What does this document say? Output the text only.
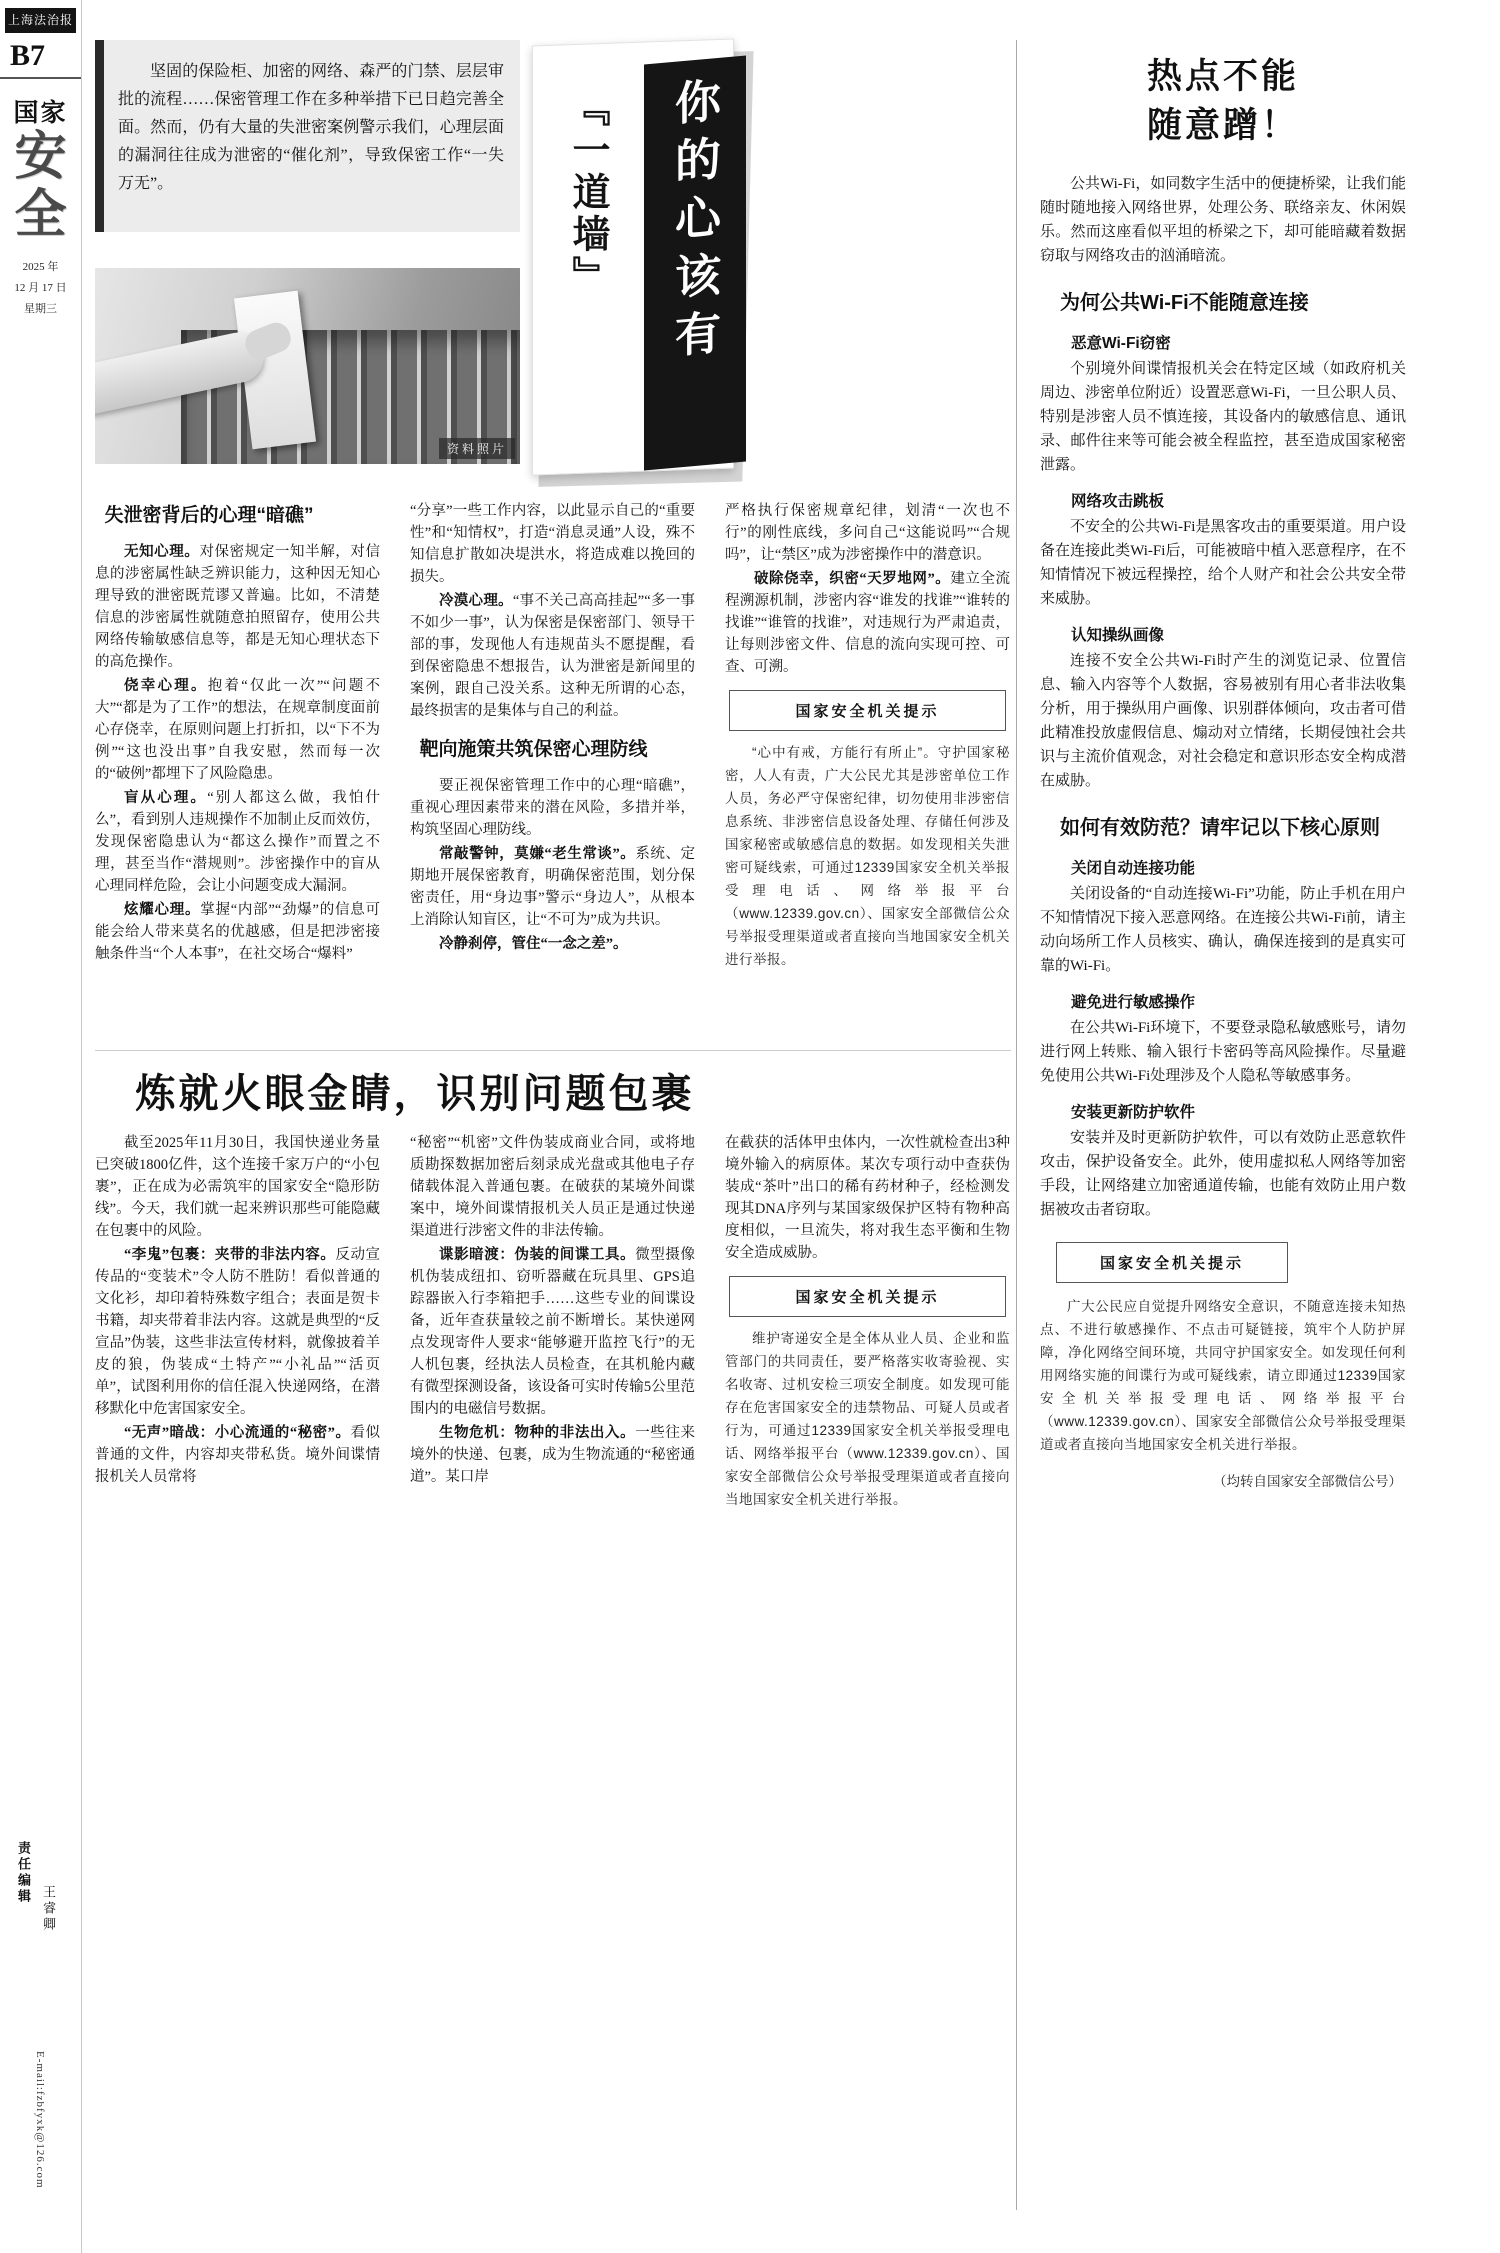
上海法治报
B7
国家
安
全
2025 年
12 月 17 日
星期三
责任编辑
王睿卿
E-mail:fzbfyxk@126.com

坚固的保险柜、加密的网络、森严的门禁、层层审批的流程……保密管理工作在多种举措下已日趋完善全面。然而，仍有大量的失泄密案例警示我们，心理层面的漏洞往往成为泄密的“催化剂”，导致保密工作“一失万无”。	『一道墙』 你的心该有
资料照片
失泄密背后的心理“暗礁”

无知心理。对保密规定一知半解，对信息的涉密属性缺乏辨识能力，这种因无知心理导致的泄密既荒谬又普遍。比如，不清楚信息的涉密属性就随意拍照留存，使用公共网络传输敏感信息等，都是无知心理状态下的高危操作。

侥幸心理。抱着“仅此一次”“问题不大”“都是为了工作”的想法，在规章制度面前心存侥幸，在原则问题上打折扣，以“下不为例”“这也没出事”自我安慰，然而每一次的“破例”都埋下了风险隐患。

盲从心理。“别人都这么做，我怕什么”，看到别人违规操作不加制止反而效仿，发现保密隐患认为“都这么操作”而置之不理，甚至当作“潜规则”。涉密操作中的盲从心理同样危险，会让小问题变成大漏洞。

炫耀心理。掌握“内部”“劲爆”的信息可能会给人带来莫名的优越感，但是把涉密接触条件当“个人本事”，在社交场合“爆料”

“分享”一些工作内容，以此显示自己的“重要性”和“知情权”，打造“消息灵通”人设，殊不知信息扩散如决堤洪水，将造成难以挽回的损失。

冷漠心理。“事不关己高高挂起”“多一事不如少一事”，认为保密是保密部门、领导干部的事，发现他人有违规苗头不愿提醒，看到保密隐患不想报告，认为泄密是新闻里的案例，跟自己没关系。这种无所谓的心态，最终损害的是集体与自己的利益。

靶向施策共筑保密心理防线

要正视保密管理工作中的心理“暗礁”，重视心理因素带来的潜在风险，多措并举，构筑坚固心理防线。

常敲警钟，莫嫌“老生常谈”。系统、定期地开展保密教育，明确保密范围，划分保密责任，用“身边事”警示“身边人”，从根本上消除认知盲区，让“不可为”成为共识。

冷静刹停，管住“一念之差”。

严格执行保密规章纪律，划清“一次也不行”的刚性底线，多问自己“这能说吗”“合规吗”，让“禁区”成为涉密操作中的潜意识。

破除侥幸，织密“天罗地网”。建立全流程溯源机制，涉密内容“谁发的找谁”“谁转的找谁”“谁管的找谁”，对违规行为严肃追责，让每则涉密文件、信息的流向实现可控、可查、可溯。

国家安全机关提示

“心中有戒，方能行有所止”。守护国家秘密，人人有责，广大公民尤其是涉密单位工作人员，务必严守保密纪律，切勿使用非涉密信息系统、非涉密信息设备处理、存储任何涉及国家秘密或敏感信息的数据。如发现相关失泄密可疑线索，可通过12339国家安全机关举报受理电话、网络举报平台（www.12339.gov.cn）、国家安全部微信公众号举报受理渠道或者直接向当地国家安全机关进行举报。

炼就火眼金睛，识别问题包裹

截至2025年11月30日，我国快递业务量已突破1800亿件，这个连接千家万户的“小包裹”，正在成为必需筑牢的国家安全“隐形防线”。今天，我们就一起来辨识那些可能隐藏在包裹中的风险。

“李鬼”包裹：夹带的非法内容。反动宣传品的“变装术”令人防不胜防！看似普通的文化衫，却印着特殊数字组合；表面是贺卡书籍，却夹带着非法内容。这就是典型的“反宣品”伪装，这些非法宣传材料，就像披着羊皮的狼，伪装成“土特产”“小礼品”“活页单”，试图利用你的信任混入快递网络，在潜移默化中危害国家安全。

“无声”暗战：小心流通的“秘密”。看似普通的文件，内容却夹带私货。境外间谍情报机关人员常将

“秘密”“机密”文件伪装成商业合同，或将地质勘探数据加密后刻录成光盘或其他电子存储载体混入普通包裹。在破获的某境外间谍案中，境外间谍情报机关人员正是通过快递渠道进行涉密文件的非法传输。

谍影暗渡：伪装的间谍工具。微型摄像机伪装成纽扣、窃听器藏在玩具里、GPS追踪器嵌入行李箱把手……这些专业的间谍设备，近年查获量较之前不断增长。某快递网点发现寄件人要求“能够避开监控飞行”的无人机包裹，经执法人员检查，在其机舱内藏有微型探测设备，该设备可实时传输5公里范围内的电磁信号数据。

生物危机：物种的非法出入。一些往来境外的快递、包裹，成为生物流通的“秘密通道”。某口岸

在截获的活体甲虫体内，一次性就检查出3种境外输入的病原体。某次专项行动中查获伪装成“茶叶”出口的稀有药材种子，经检测发现其DNA序列与某国家级保护区特有物种高度相似，一旦流失，将对我生态平衡和生物安全造成威胁。

国家安全机关提示

维护寄递安全是全体从业人员、企业和监管部门的共同责任，要严格落实收寄验视、实名收寄、过机安检三项安全制度。如发现可能存在危害国家安全的违禁物品、可疑人员或者行为，可通过12339国家安全机关举报受理电话、网络举报平台（www.12339.gov.cn）、国家安全部微信公众号举报受理渠道或者直接向当地国家安全机关进行举报。

热点不能
随意蹭！

公共Wi-Fi，如同数字生活中的便捷桥梁，让我们能随时随地接入网络世界，处理公务、联络亲友、休闲娱乐。然而这座看似平坦的桥梁之下，却可能暗藏着数据窃取与网络攻击的汹涌暗流。

为何公共Wi-Fi不能随意连接

恶意Wi-Fi窃密

个别境外间谍情报机关会在特定区域（如政府机关周边、涉密单位附近）设置恶意Wi-Fi，一旦公职人员、特别是涉密人员不慎连接，其设备内的敏感信息、通讯录、邮件往来等可能会被全程监控，甚至造成国家秘密泄露。

网络攻击跳板

不安全的公共Wi-Fi是黑客攻击的重要渠道。用户设备在连接此类Wi-Fi后，可能被暗中植入恶意程序，在不知情情况下被远程操控，给个人财产和社会公共安全带来威胁。

认知操纵画像

连接不安全公共Wi-Fi时产生的浏览记录、位置信息、输入内容等个人数据，容易被别有用心者非法收集分析，用于操纵用户画像、识别群体倾向，攻击者可借此精准投放虚假信息、煽动对立情绪，长期侵蚀社会共识与主流价值观念，对社会稳定和意识形态安全构成潜在威胁。

如何有效防范？请牢记以下核心原则

关闭自动连接功能

关闭设备的“自动连接Wi-Fi”功能，防止手机在用户不知情情况下接入恶意网络。在连接公共Wi-Fi前，请主动向场所工作人员核实、确认，确保连接到的是真实可靠的Wi-Fi。

避免进行敏感操作

在公共Wi-Fi环境下，不要登录隐私敏感账号，请勿进行网上转账、输入银行卡密码等高风险操作。尽量避免使用公共Wi-Fi处理涉及个人隐私等敏感事务。

安装更新防护软件

安装并及时更新防护软件，可以有效防止恶意软件攻击，保护设备安全。此外，使用虚拟私人网络等加密手段，让网络建立加密通道传输，也能有效防止用户数据被攻击者窃取。

国家安全机关提示

广大公民应自觉提升网络安全意识，不随意连接未知热点、不进行敏感操作、不点击可疑链接，筑牢个人防护屏障，净化网络空间环境，共同守护国家安全。如发现任何利用网络实施的间谍行为或可疑线索，请立即通过12339国家安全机关举报受理电话、网络举报平台（www.12339.gov.cn）、国家安全部微信公众号举报受理渠道或者直接向当地国家安全机关进行举报。

（均转自国家安全部微信公号）
